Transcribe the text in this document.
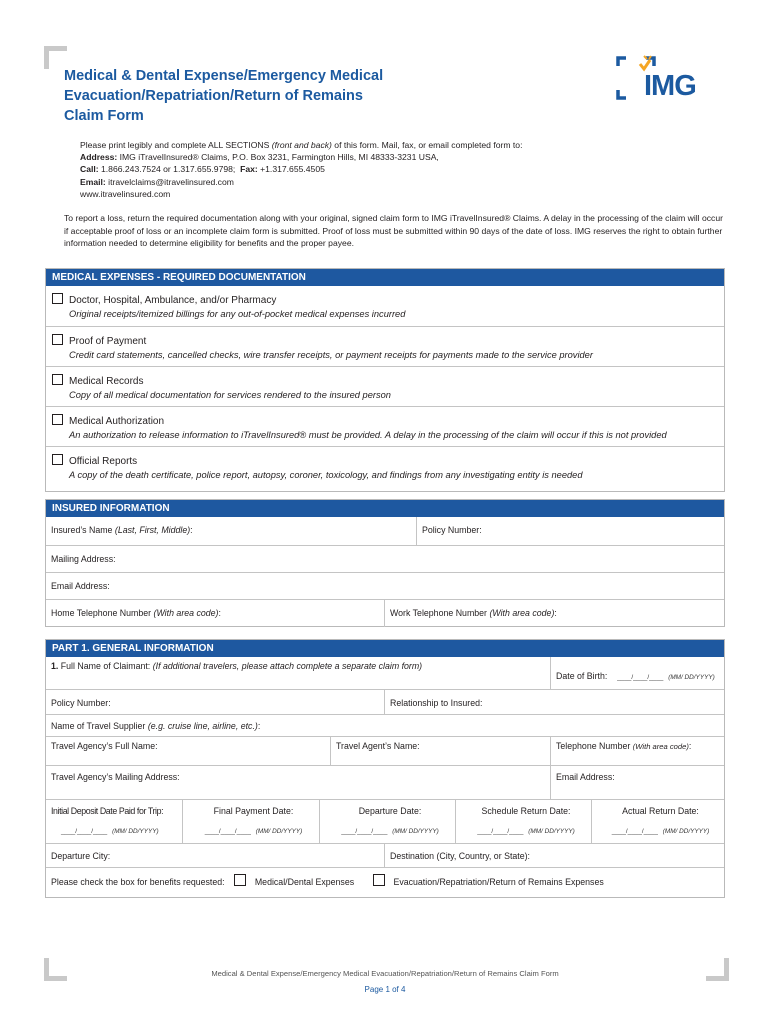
Medical & Dental Expense/Emergency Medical
Evacuation/Repatriation/Return of Remains
Claim Form
IMG
Please print legibly and complete ALL SECTIONS (front and back) of this form. Mail, fax, or email completed form to:
Address: IMG iTravelInsured® Claims, P.O. Box 3231, Farmington Hills, MI 48333-3231 USA,
Call: 1.866.243.7524 or 1.317.655.9798; Fax: +1.317.655.4505
Email: itravelclaims@itravelinsured.com
www.itravelinsured.com
To report a loss, return the required documentation along with your original, signed claim form to IMG iTravelInsured® Claims. A delay in the processing of the claim will occur if acceptable proof of loss or an incomplete claim form is submitted. Proof of loss must be submitted within 90 days of the date of loss. IMG reserves the right to obtain further information needed to determine eligibility for benefits and the proper payee.
MEDICAL EXPENSES - REQUIRED DOCUMENTATION
Doctor, Hospital, Ambulance, and/or Pharmacy
Original receipts/itemized billings for any out-of-pocket medical expenses incurred
Proof of Payment
Credit card statements, cancelled checks, wire transfer receipts, or payment receipts for payments made to the service provider
Medical Records
Copy of all medical documentation for services rendered to the insured person
Medical Authorization
An authorization to release information to iTravelInsured® must be provided. A delay in the processing of the claim will occur if this is not provided
Official Reports
A copy of the death certificate, police report, autopsy, coroner, toxicology, and findings from any investigating entity is needed
INSURED INFORMATION
Insured’s Name (Last, First, Middle):	Policy Number:
Mailing Address:
Email Address:
Home Telephone Number (With area code):	Work Telephone Number (With area code):
PART 1. GENERAL INFORMATION
1. Full Name of Claimant: (If additional travelers, please attach complete a separate claim form)
Date of Birth: ____/____/____ (MM/ DD/YYYY)
Policy Number:	Relationship to Insured:
Name of Travel Supplier (e.g. cruise line, airline, etc.):
Travel Agency’s Full Name:	Travel Agent’s Name:	Telephone Number (With area code):
Travel Agency’s Mailing Address:	Email Address:
Initial Deposit Date Paid for Trip:
____/____/____ (MM/ DD/YYYY)
Final Payment Date:
____/____/____ (MM/ DD/YYYY)
Departure Date:
____/____/____ (MM/ DD/YYYY)
Schedule Return Date:
____/____/____ (MM/ DD/YYYY)
Actual Return Date:
____/____/____ (MM/ DD/YYYY)
Departure City:	Destination (City, Country, or State):
Please check the box for benefits requested:	Medical/Dental Expenses	Evacuation/Repatriation/Return of Remains Expenses
Medical & Dental Expense/Emergency Medical Evacuation/Repatriation/Return of Remains Claim Form
Page 1 of 4
